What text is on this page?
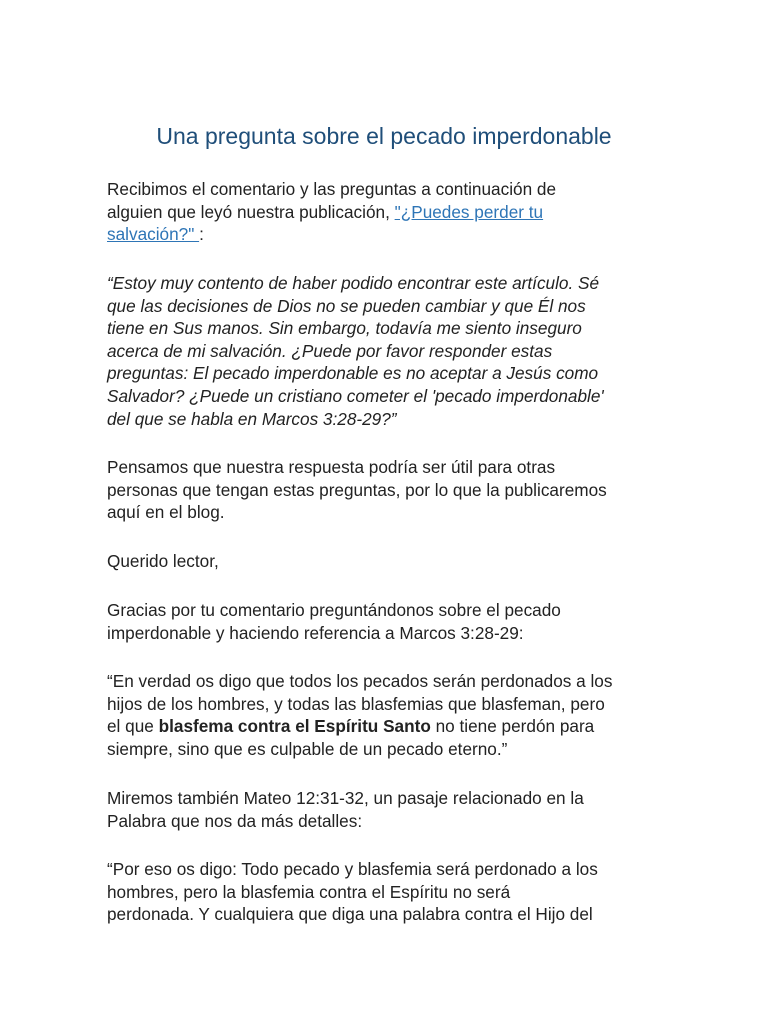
Una pregunta sobre el pecado imperdonable

Recibimos el comentario y las preguntas a continuación de
alguien que leyó nuestra publicación, "¿Puedes perder tu
salvación?" :

“Estoy muy contento de haber podido encontrar este artículo. Sé
que las decisiones de Dios no se pueden cambiar y que Él nos
tiene en Sus manos. Sin embargo, todavía me siento inseguro
acerca de mi salvación. ¿Puede por favor responder estas
preguntas: El pecado imperdonable es no aceptar a Jesús como
Salvador? ¿Puede un cristiano cometer el 'pecado imperdonable'
del que se habla en Marcos 3:28-29?”

Pensamos que nuestra respuesta podría ser útil para otras
personas que tengan estas preguntas, por lo que la publicaremos
aquí en el blog.

Querido lector,

Gracias por tu comentario preguntándonos sobre el pecado
imperdonable y haciendo referencia a Marcos 3:28-29:

“En verdad os digo que todos los pecados serán perdonados a los
hijos de los hombres, y todas las blasfemias que blasfeman, pero
el que blasfema contra el Espíritu Santo no tiene perdón para
siempre, sino que es culpable de un pecado eterno.”

Miremos también Mateo 12:31-32, un pasaje relacionado en la
Palabra que nos da más detalles:

“Por eso os digo: Todo pecado y blasfemia será perdonado a los
hombres, pero la blasfemia contra el Espíritu no será
perdonada. Y cualquiera que diga una palabra contra el Hijo del
